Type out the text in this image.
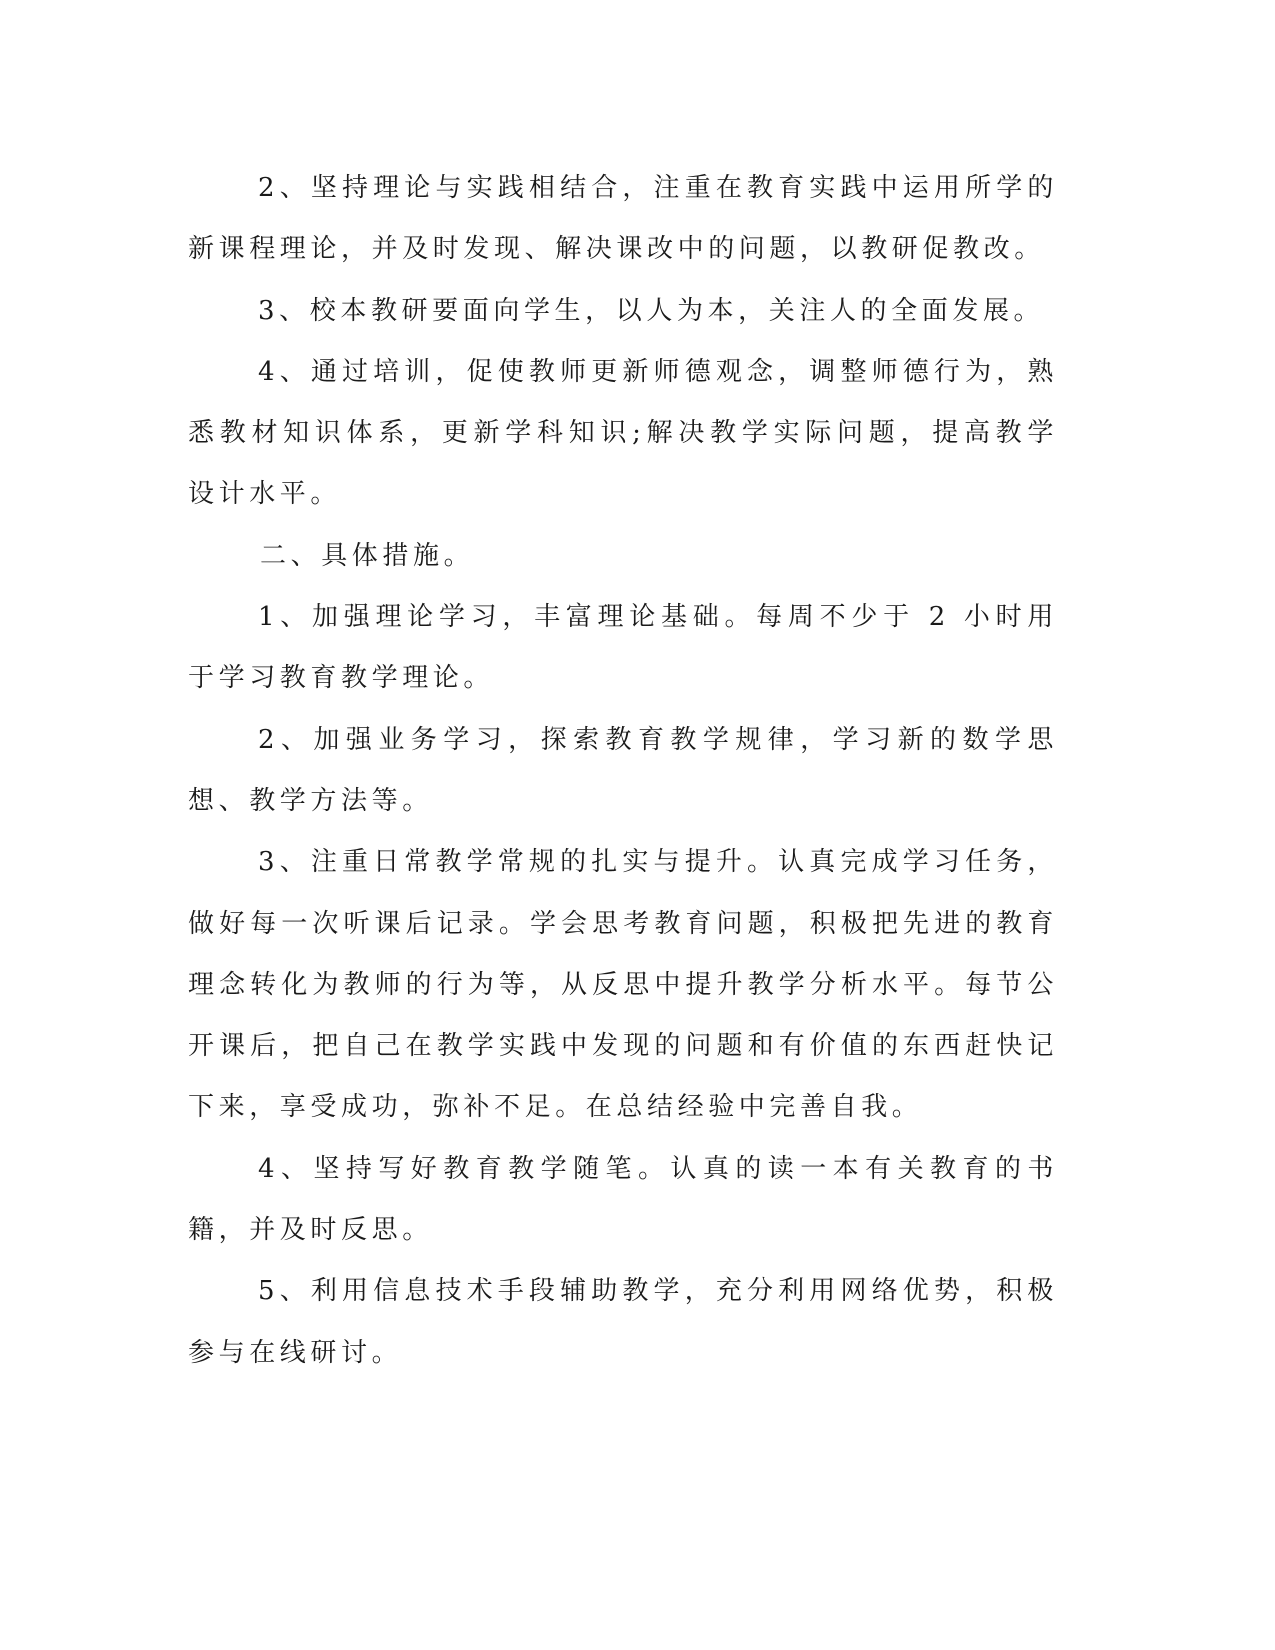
2、坚持理论与实践相结合，注重在教育实践中运用所学的新课程理论，并及时发现、解决课改中的问题，以教研促教改。

3、校本教研要面向学生，以人为本，关注人的全面发展。

4、通过培训，促使教师更新师德观念，调整师德行为，熟悉教材知识体系，更新学科知识;解决教学实际问题，提高教学设计水平。

二、具体措施。

1、加强理论学习，丰富理论基础。每周不少于 2 小时用于学习教育教学理论。

2、加强业务学习，探索教育教学规律，学习新的数学思想、教学方法等。

3、注重日常教学常规的扎实与提升。认真完成学习任务，做好每一次听课后记录。学会思考教育问题，积极把先进的教育理念转化为教师的行为等，从反思中提升教学分析水平。每节公开课后，把自己在教学实践中发现的问题和有价值的东西赶快记下来，享受成功，弥补不足。在总结经验中完善自我。

4、坚持写好教育教学随笔。认真的读一本有关教育的书籍，并及时反思。

5、利用信息技术手段辅助教学，充分利用网络优势，积极参与在线研讨。
